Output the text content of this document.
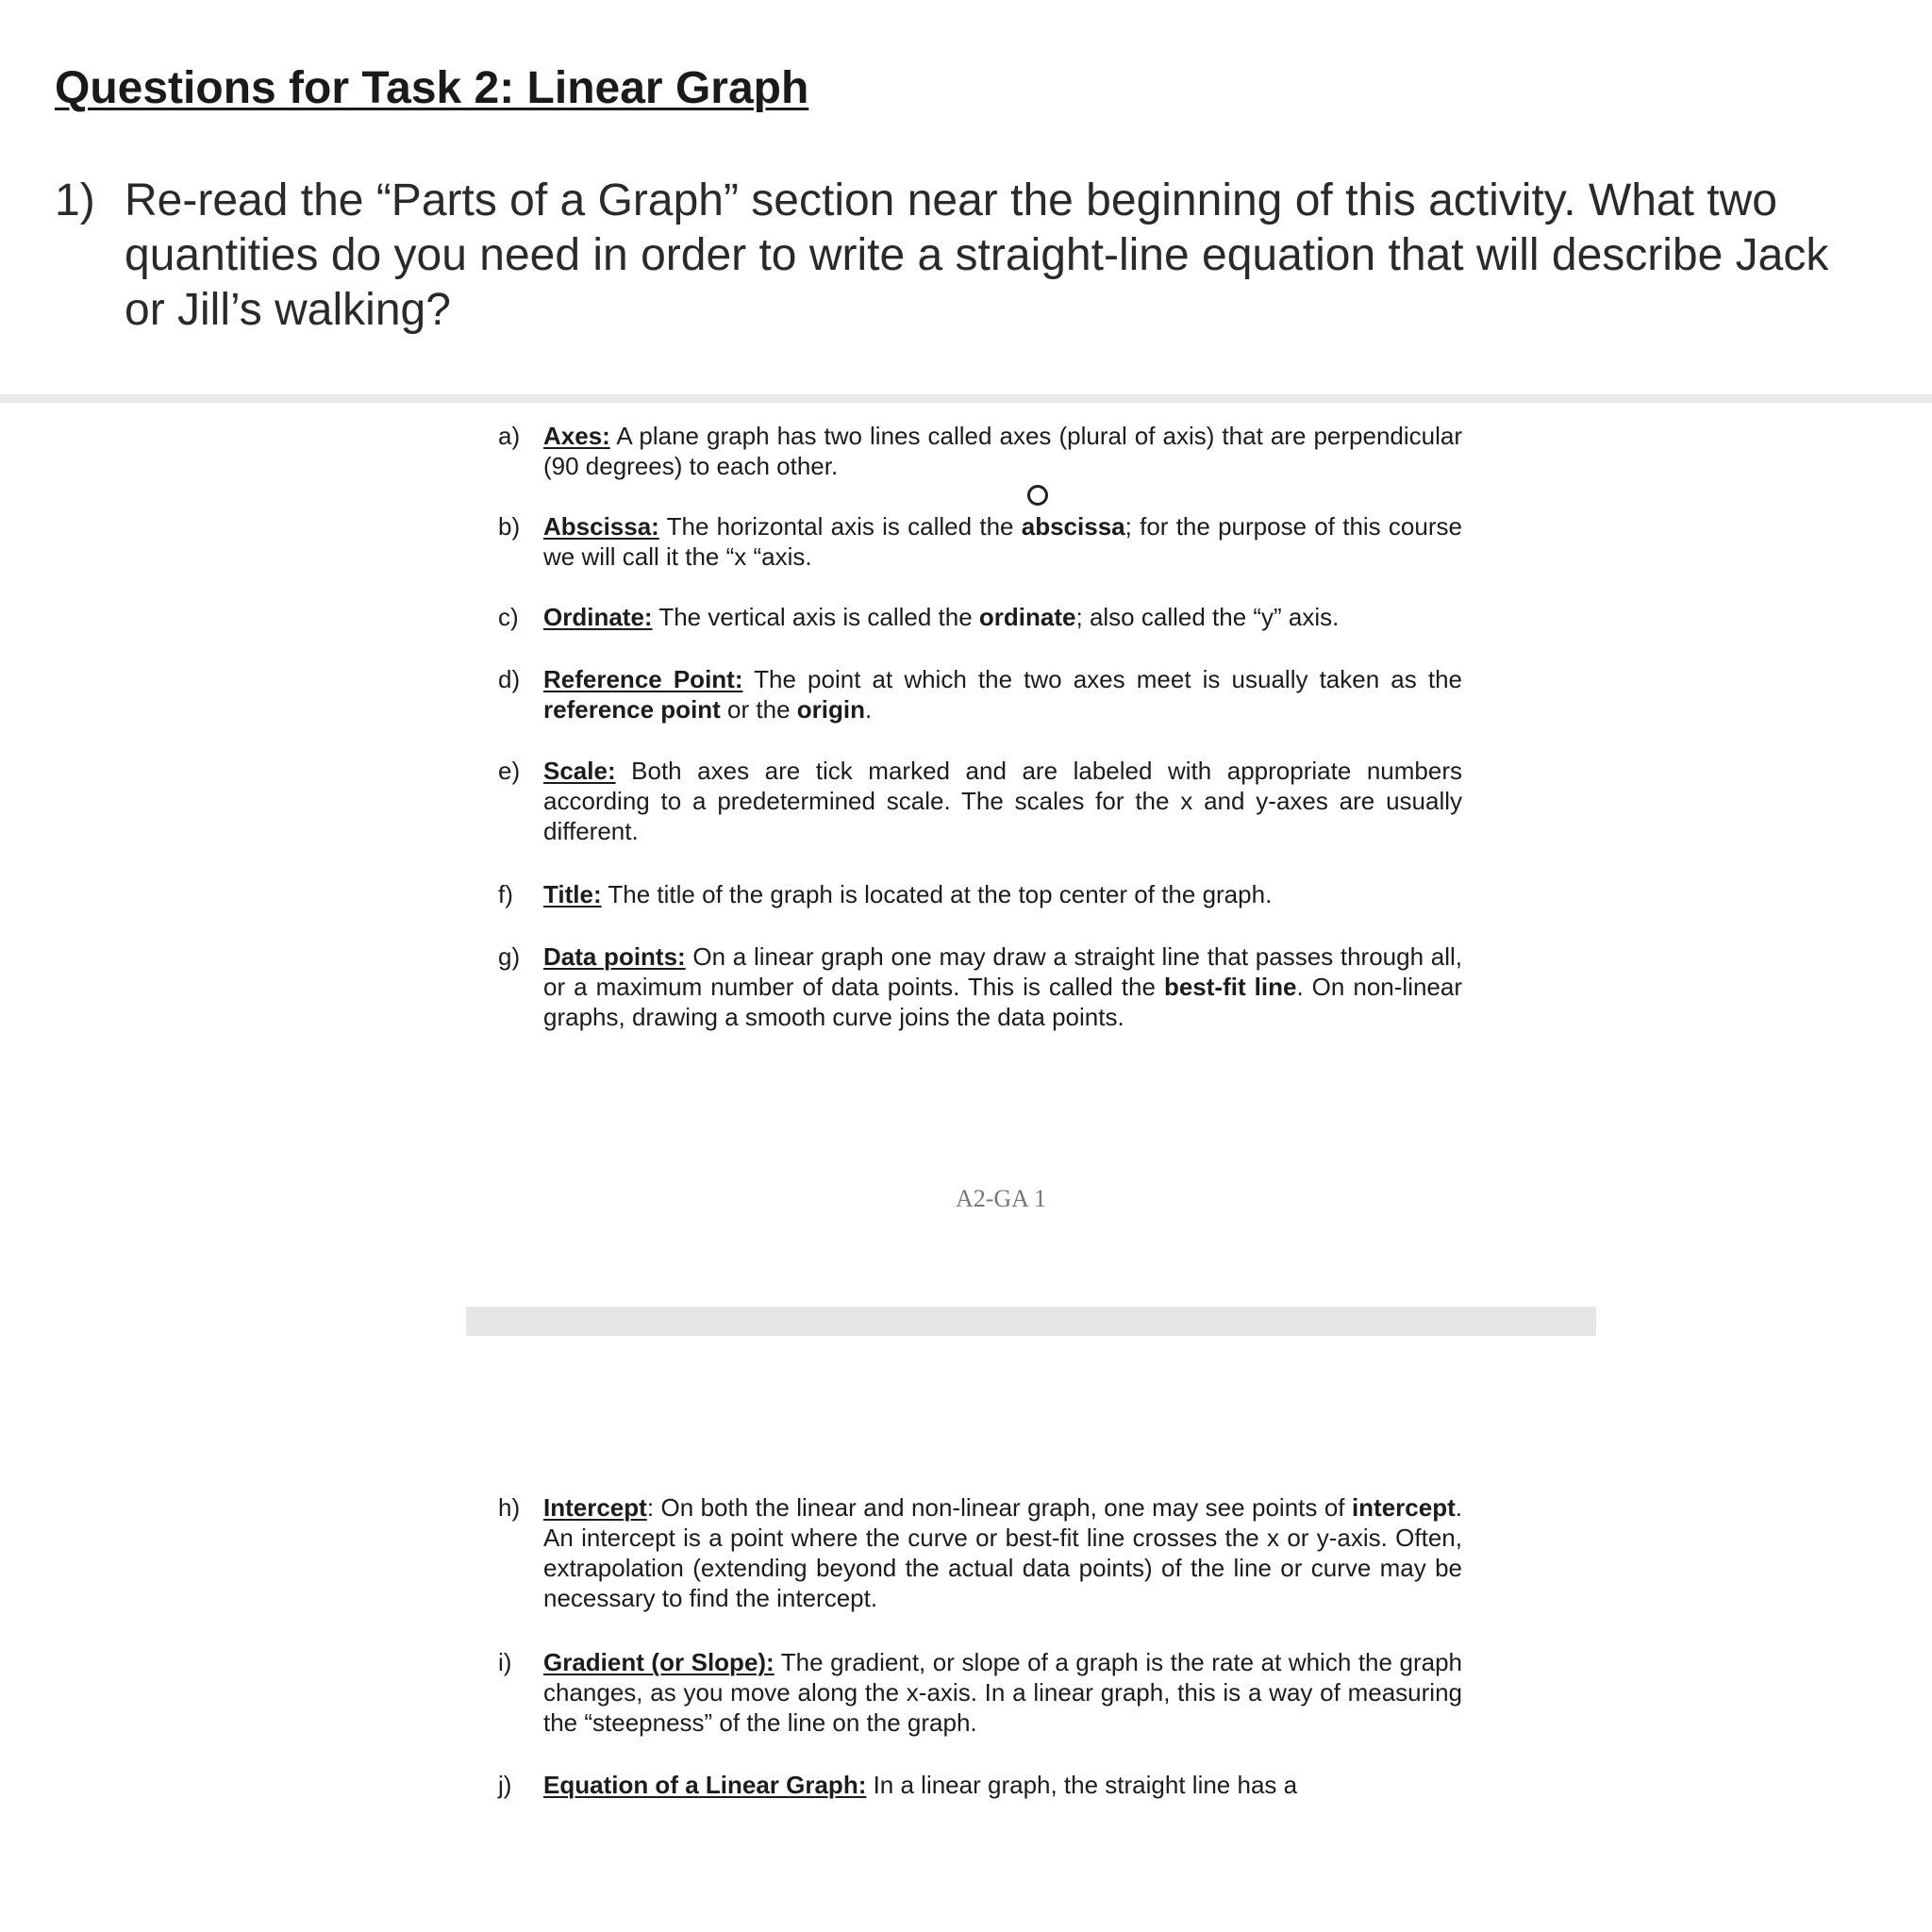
Questions for Task 2: Linear Graph
1) Re-read the “Parts of a Graph” section near the beginning of this activity. What two quantities do you need in order to write a straight-line equation that will describe Jack or Jill’s walking?
a) Axes: A plane graph has two lines called axes (plural of axis) that are perpendicular (90 degrees) to each other.
b) Abscissa: The horizontal axis is called the abscissa; for the purpose of this course we will call it the “x “axis.
c) Ordinate: The vertical axis is called the ordinate; also called the “y” axis.
d) Reference Point: The point at which the two axes meet is usually taken as the reference point or the origin.
e) Scale: Both axes are tick marked and are labeled with appropriate numbers according to a predetermined scale. The scales for the x and y-axes are usually different.
f) Title: The title of the graph is located at the top center of the graph.
g) Data points: On a linear graph one may draw a straight line that passes through all, or a maximum number of data points. This is called the best-fit line. On non-linear graphs, drawing a smooth curve joins the data points.
A2-GA 1
h) Intercept: On both the linear and non-linear graph, one may see points of intercept. An intercept is a point where the curve or best-fit line crosses the x or y-axis. Often, extrapolation (extending beyond the actual data points) of the line or curve may be necessary to find the intercept.
i) Gradient (or Slope): The gradient, or slope of a graph is the rate at which the graph changes, as you move along the x-axis. In a linear graph, this is a way of measuring the “steepness” of the line on the graph.
j) Equation of a Linear Graph: In a linear graph, the straight line has a
